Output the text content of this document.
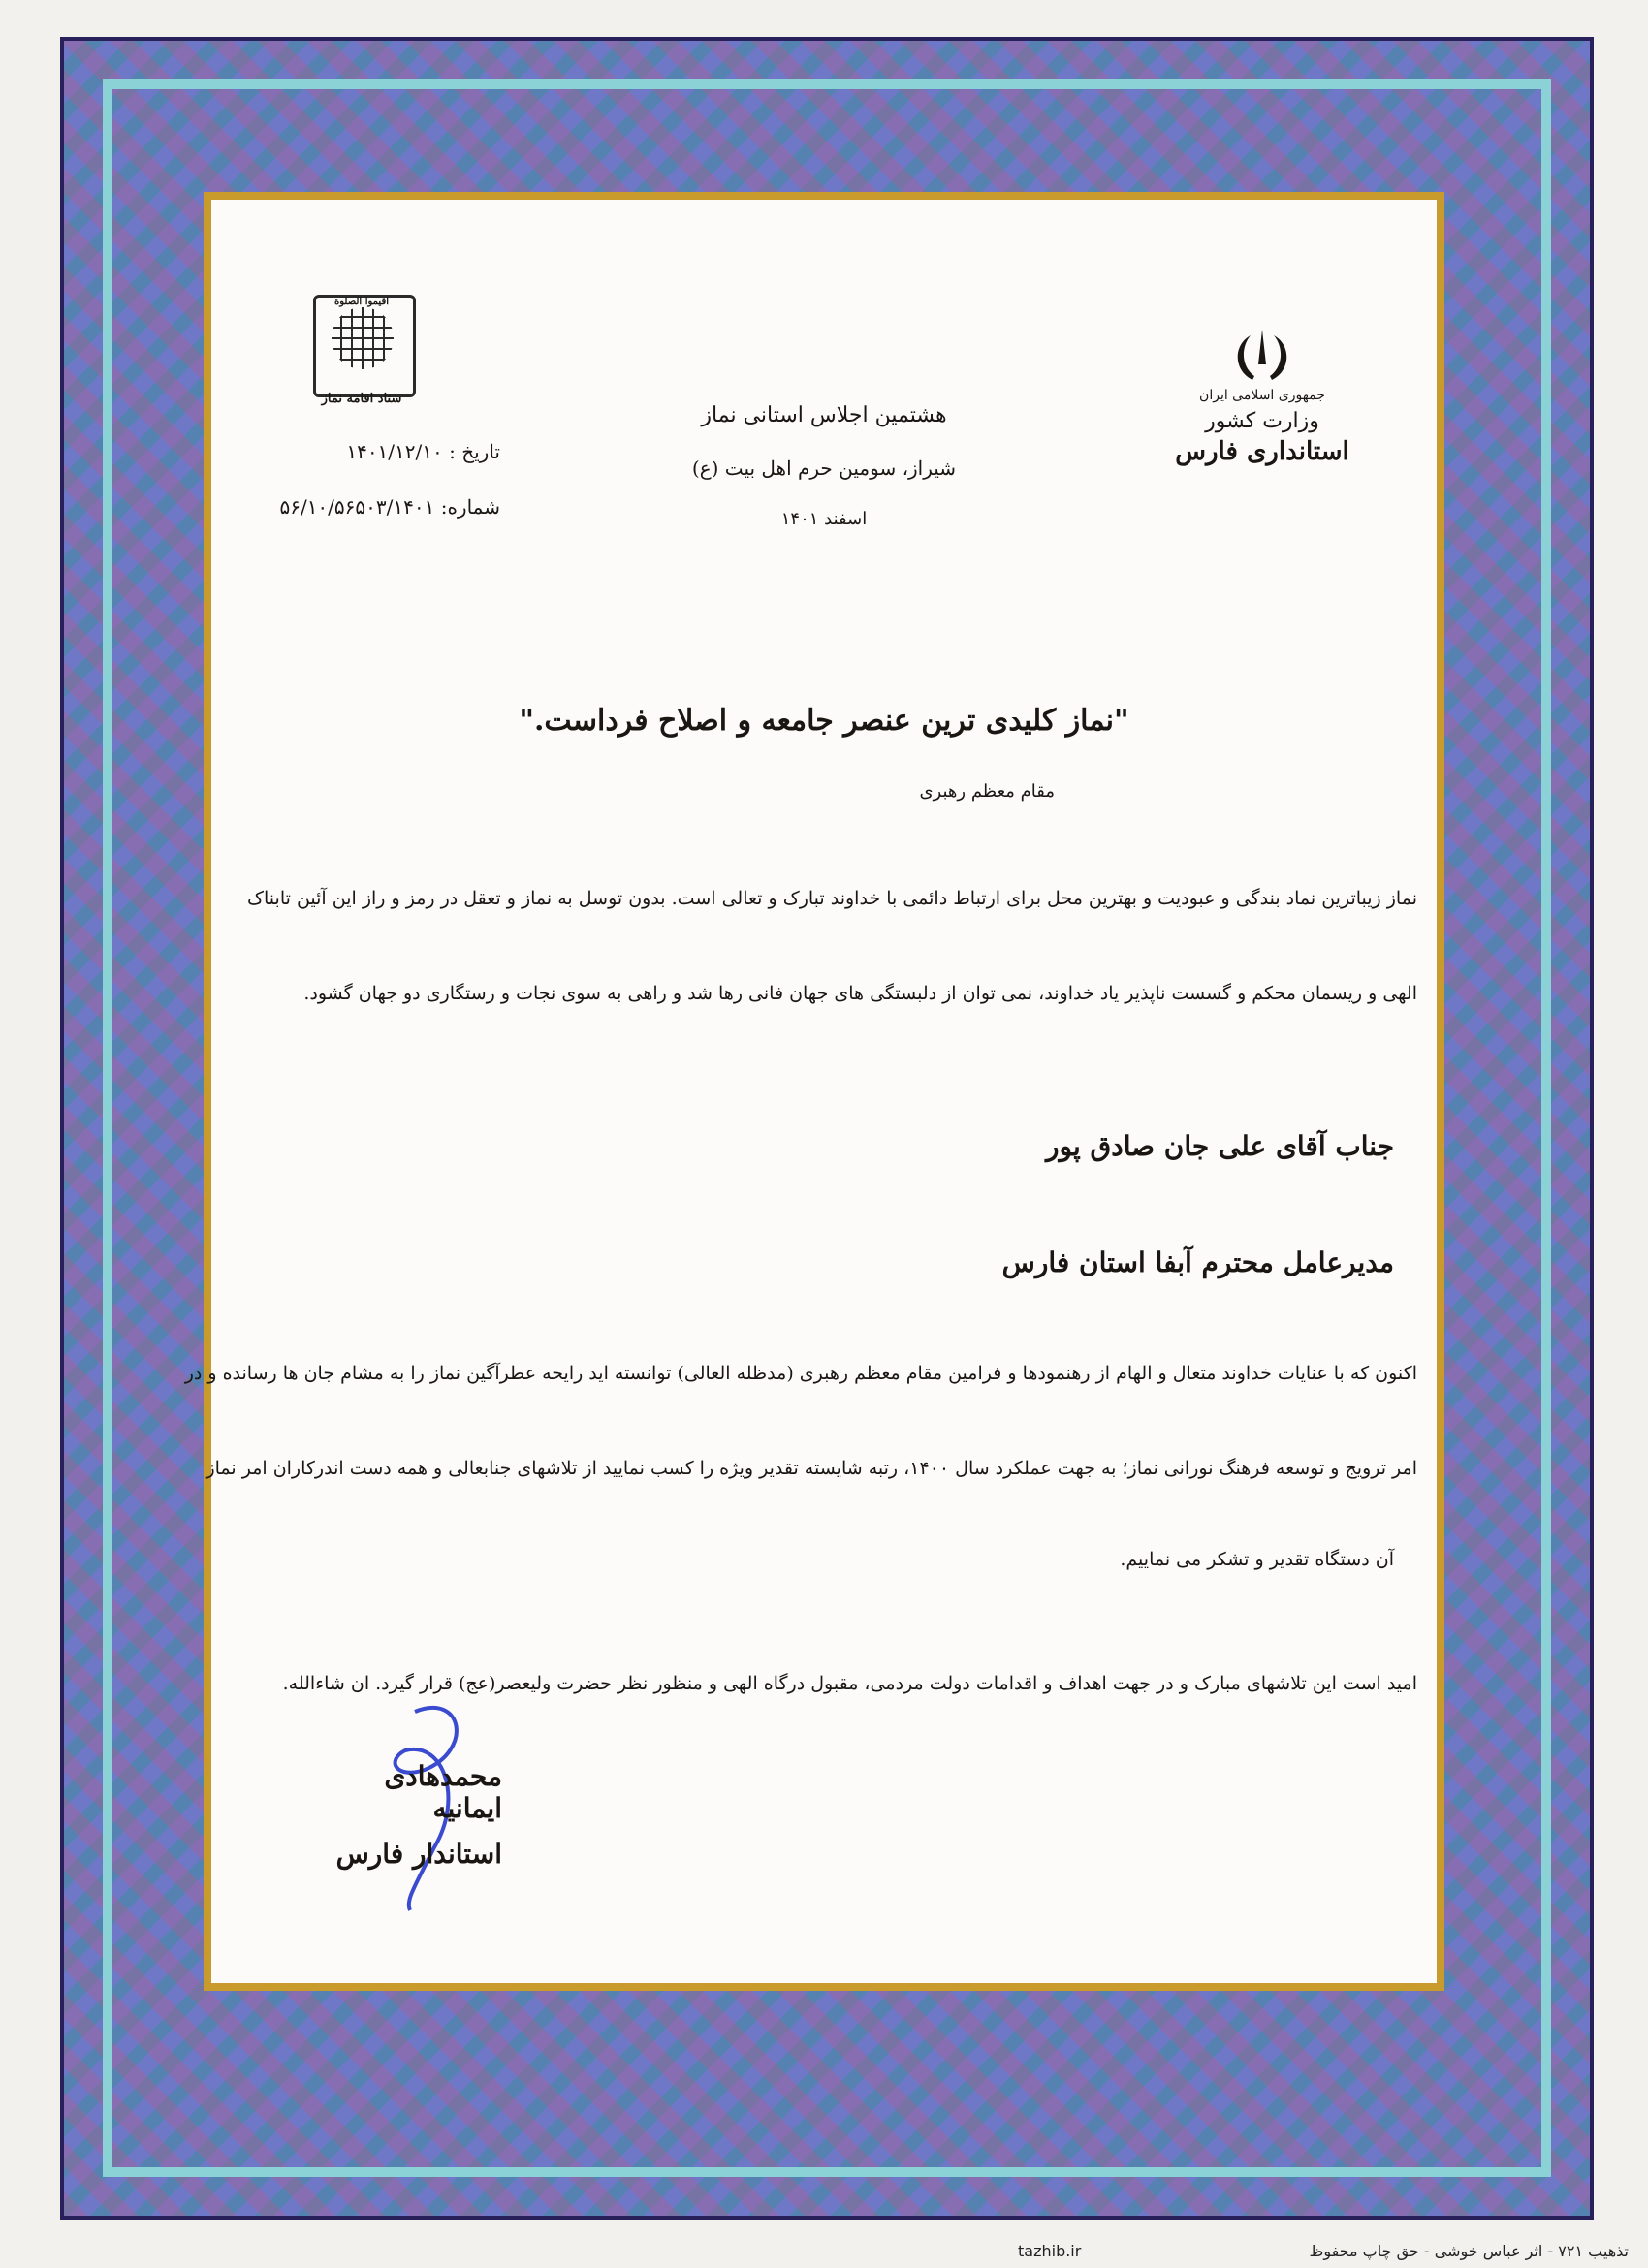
جمهوری اسلامی ایران
وزارت کشور
استانداری فارس
هشتمین اجلاس استانی نماز
شیراز، سومین حرم اهل بیت (ع)
اسفند ۱۴۰۱
اقیموا الصلوة
ستاد اقامه نماز
تاریخ : ۱۴۰۱/۱۲/۱۰
شماره: ۵۶/۱۰/۵۶۵۰۳/۱۴۰۱
"نماز کلیدی ترین عنصر جامعه و اصلاح فرداست."
مقام معظم رهبری
نماز زیباترین نماد بندگی و عبودیت و بهترین محل برای ارتباط دائمی با خداوند تبارک و تعالی است. بدون توسل به نماز و تعقل در رمز و راز این آئین تابناک
الهی و ریسمان محکم و گسست ناپذیر یاد خداوند، نمی توان از دلبستگی های جهان فانی رها شد و راهی به سوی نجات و رستگاری دو جهان گشود.
جناب آقای علی جان صادق پور
مدیرعامل محترم آبفا استان فارس
اکنون که با عنایات خداوند متعال و الهام از رهنمودها و فرامین مقام معظم رهبری (مدظله العالی) توانسته اید رایحه عطرآگین نماز را به مشام جان ها رسانده و در
امر ترویج و توسعه فرهنگ نورانی نماز؛ به جهت عملکرد سال ۱۴۰۰، رتبه شایسته تقدیر ویژه را کسب نمایید از تلاشهای جنابعالی و همه دست اندرکاران امر نماز
آن دستگاه تقدیر و تشکر می نماییم.
امید است این تلاشهای مبارک و در جهت اهداف و اقدامات دولت مردمی، مقبول درگاه الهی و منظور نظر حضرت ولیعصر(عج) قرار گیرد. ان شاءالله.
محمدهادی ایمانیه
استاندار فارس
tazhib.ir	تذهیب ۷۲۱ - اثر عباس خوشی - حق چاپ محفوظ
